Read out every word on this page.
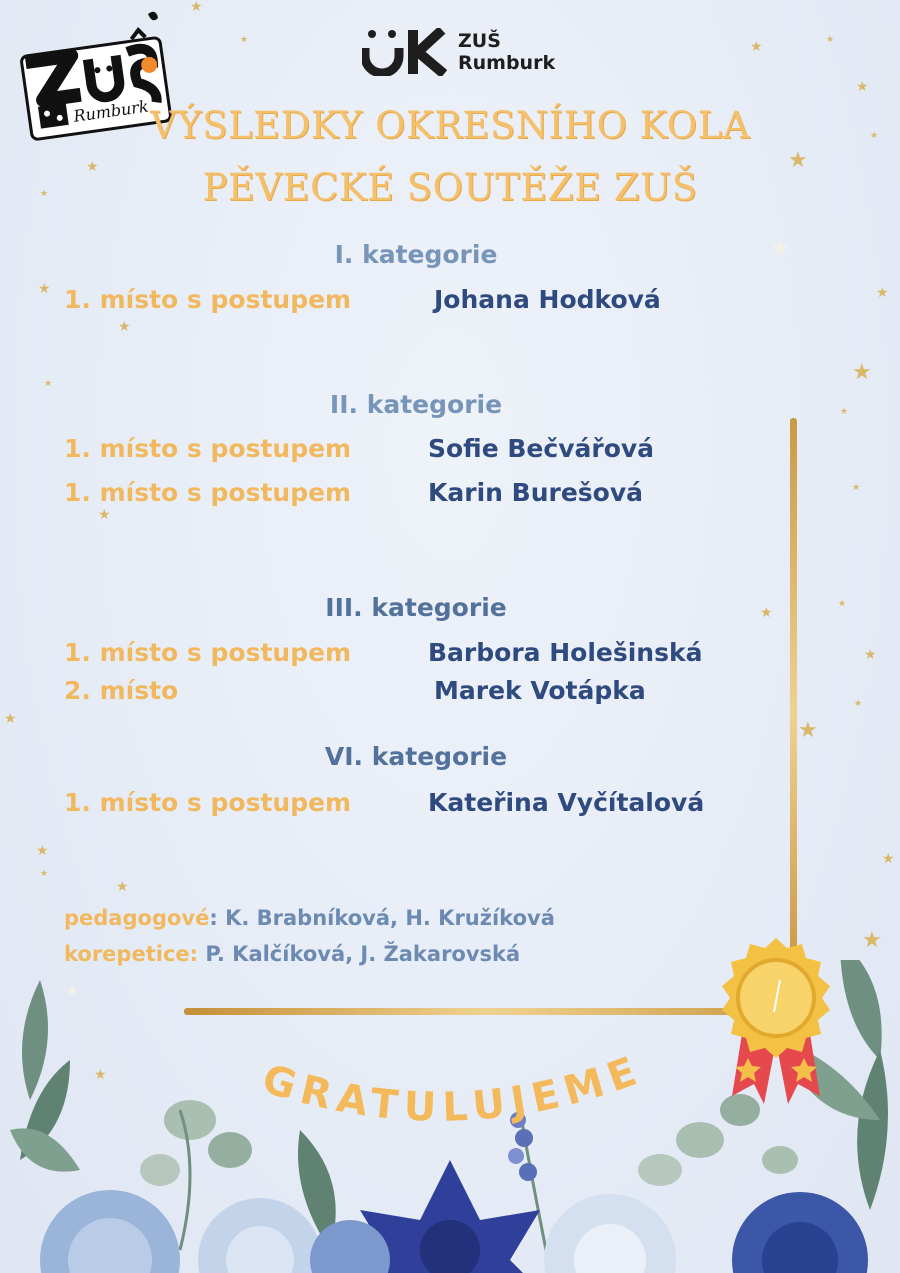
★
★	★	★
★
★
★
★
★
★
★	★
★
★
★
★
★
★
★
★
★
★
★
★
★
★
★
★
★
★
★
Rumburk
ZUŠ
Rumburk
VÝSLEDKY OKRESNÍHO KOLA
PĚVECKÉ SOUTĚŽE ZUŠ
I. kategorie
1. místo s postupem	Johana Hodková
II. kategorie
1. místo s postupem	Sofie Bečvářová
1. místo s postupem	Karin Burešová
III. kategorie
1. místo s postupem	Barbora Holešinská
2. místo	Marek Votápka
VI. kategorie
1. místo s postupem	Kateřina Vyčítalová
pedagogové: K. Brabníková, H. Kružíková
korepetice: P. Kalčíková, J. Žakarovská
GRATULUJEME
